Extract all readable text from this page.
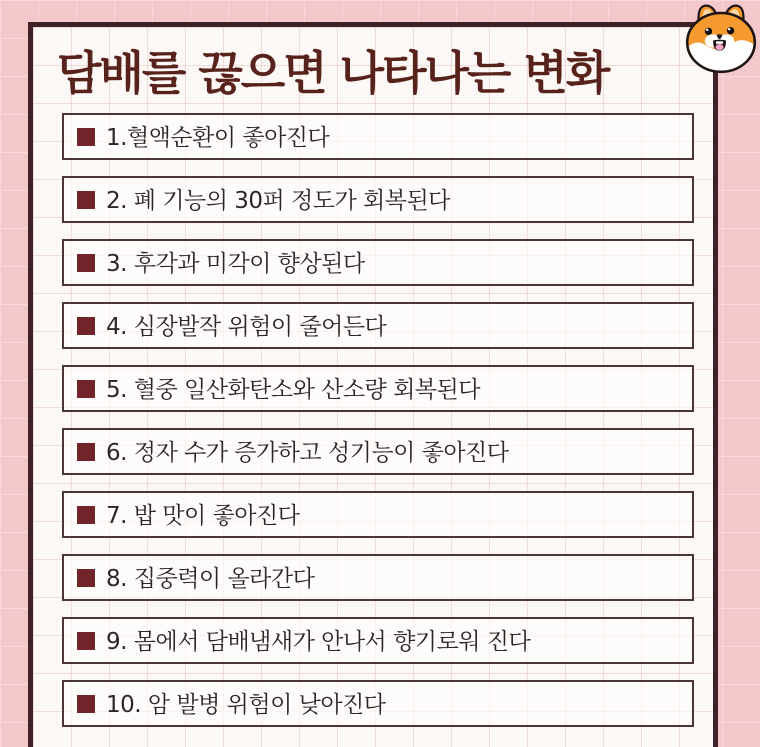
담배를 끊으면 나타나는 변화
1.혈액순환이 좋아진다
2. 폐 기능의 30퍼 정도가 회복된다
3. 후각과 미각이 향상된다
4. 심장발작 위험이 줄어든다
5. 혈중 일산화탄소와 산소량 회복된다
6. 정자 수가 증가하고 성기능이 좋아진다
7. 밥 맛이 좋아진다
8. 집중력이 올라간다
9. 몸에서 담배냄새가 안나서 향기로워 진다
10. 암 발병 위험이 낮아진다
